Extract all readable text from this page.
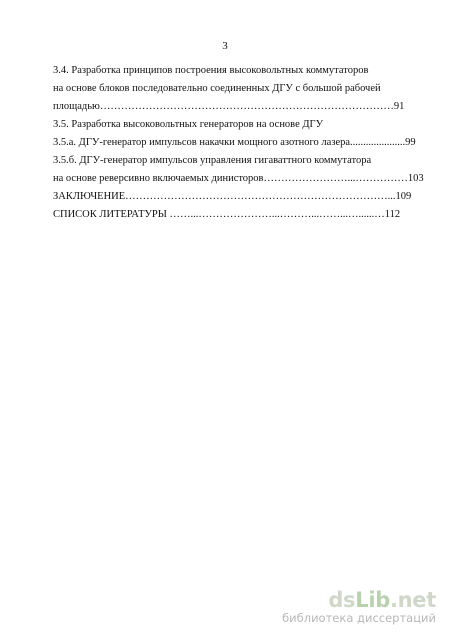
3
3.4. Разработка принципов построения высоковольтных коммутаторов
на основе блоков последовательно соединенных ДГУ с большой рабочей
площадью…………………………………………………………………………91
3.5. Разработка высоковольтных генераторов на основе ДГУ
3.5.а. ДГУ-генератор импульсов накачки мощного азотного лазера.....................99
3.5.б. ДГУ-генератор импульсов управления гигаваттного коммутатора
на основе реверсивно включаемых динисторов……………………...……………103
ЗАКЛЮЧЕНИЕ…………………………………………………………………...109
СПИСОК ЛИТЕРАТУРЫ ……...…………………...………...……...…......…112
dsLib.net
библиотека диссертаций
